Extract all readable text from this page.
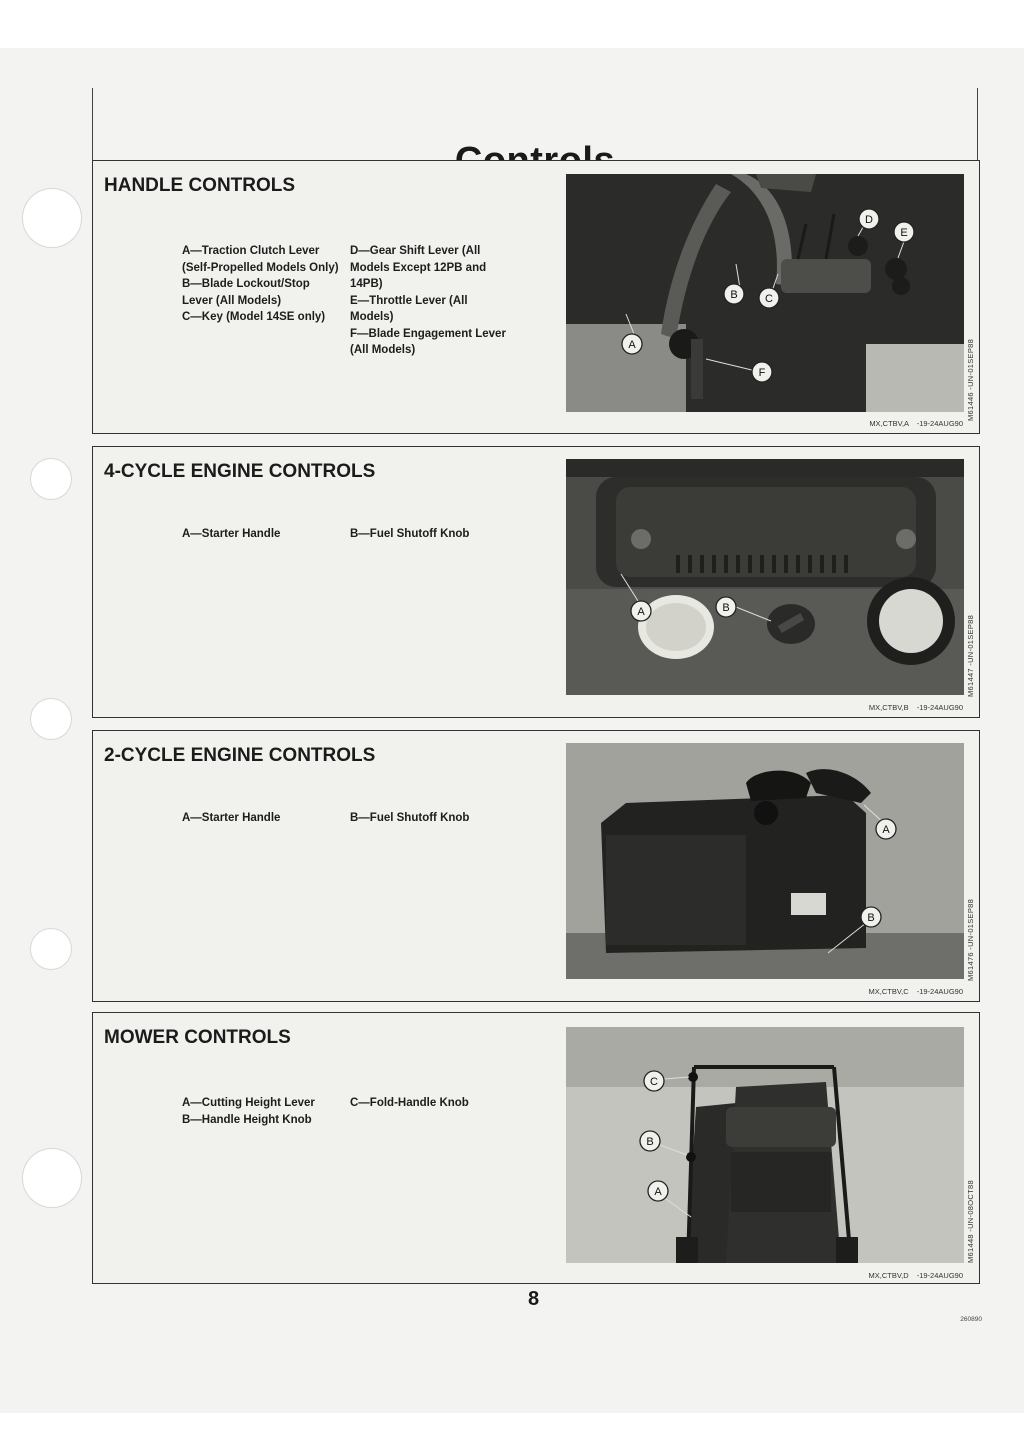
HANDLE CONTROLS
A—Traction Clutch Lever (Self-Propelled Models Only)
B—Blade Lockout/Stop Lever (All Models)
C—Key (Model 14SE only)
D—Gear Shift Lever (All Models Except 12PB and 14PB)
E—Throttle Lever (All Models)
F—Blade Engagement Lever (All Models)	A
B C
D
E
F	M61446 -UN-01SEP88
MX,CTBV,A -19-24AUG90
4-CYCLE ENGINE CONTROLS
A—Starter Handle	B—Fuel Shutoff Knob
A	B
M61447 -UN-01SEP88
MX,CTBV,B -19-24AUG90
2-CYCLE ENGINE CONTROLS
A—Starter Handle	B—Fuel Shutoff Knob
A
B	M61476 -UN-01SEP88
MX,CTBV,C -19-24AUG90
MOWER CONTROLS
A—Cutting Height Lever
B—Handle Height Knob
C—Fold-Handle Knob
C
B
A	M61448 -UN-08OCT88
MX,CTBV,D -19-24AUG90
8
260890
